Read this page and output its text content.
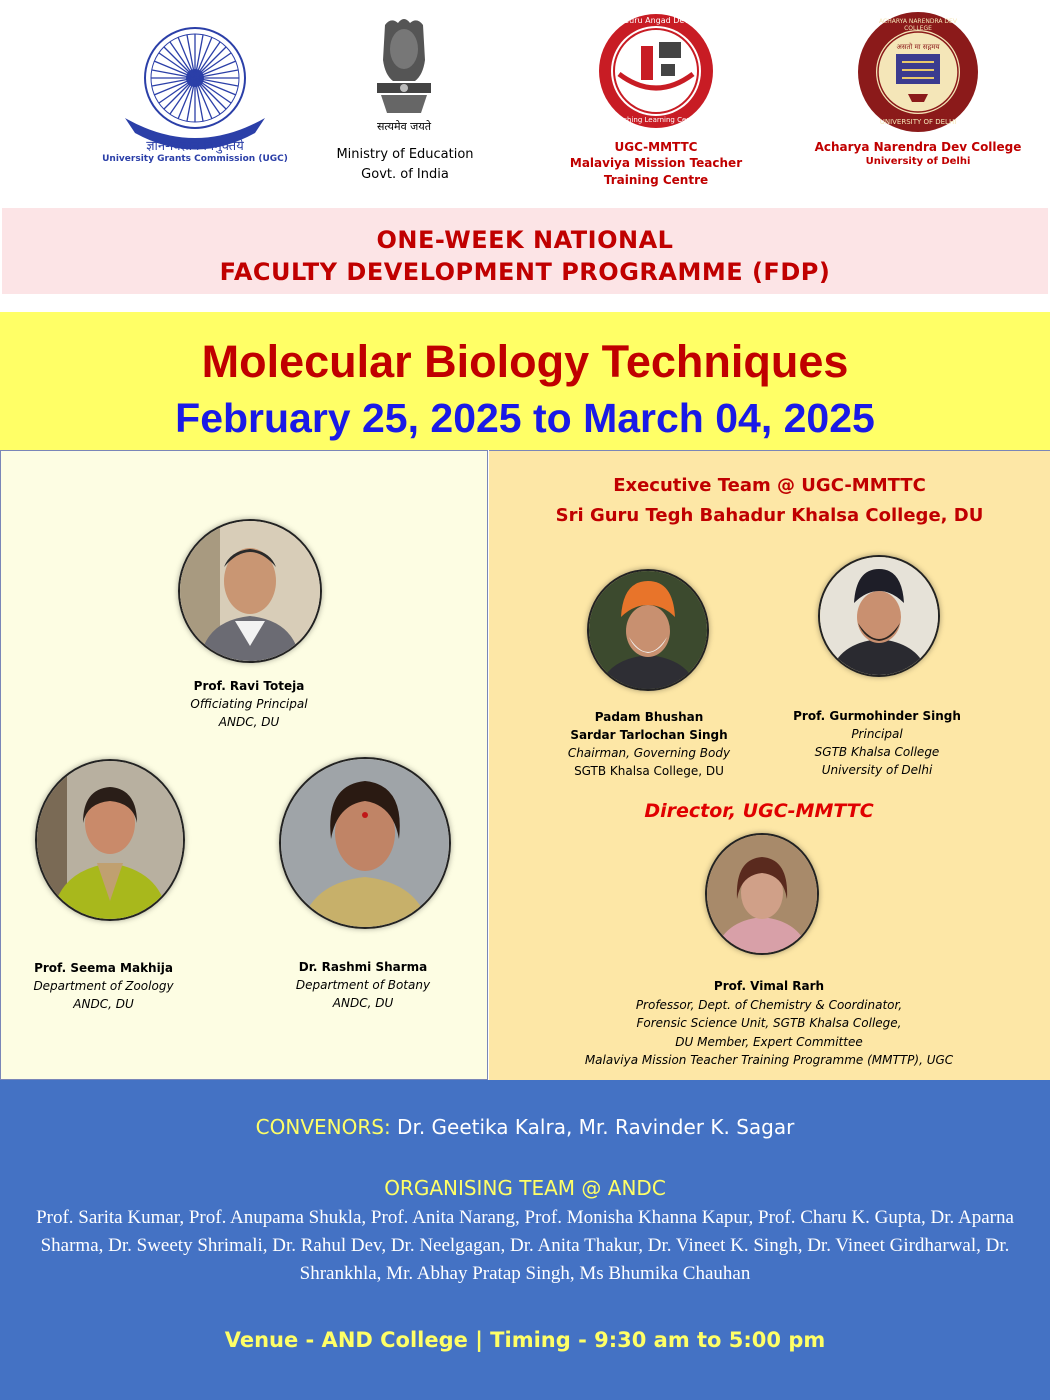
ज्ञान-विज्ञान विमुक्तये
University Grants Commission (UGC)
सत्यमेव जयते
Ministry of Education
Govt. of India
Guru Angad Dev
Teaching Learning Centre
UGC-MMTTC
Malaviya Mission Teacher
Training Centre
ACHARYA NARENDRA DEV COLLEGE
असतो मा सद्गमय
UNIVERSITY OF DELHI
Acharya Narendra Dev College
University of Delhi
ONE-WEEK NATIONAL
FACULTY DEVELOPMENT PROGRAMME (FDP)
Molecular Biology Techniques
February 25, 2025 to March 04, 2025
Prof. Ravi Toteja
Officiating Principal
ANDC, DU
Prof. Seema Makhija
Department of Zoology
ANDC, DU
Dr. Rashmi Sharma
Department of Botany
ANDC, DU
Executive Team @ UGC-MMTTC
Sri Guru Tegh Bahadur Khalsa College, DU
Padam Bhushan
Sardar Tarlochan Singh
Chairman, Governing Body
SGTB Khalsa College, DU
Prof. Gurmohinder Singh
Principal
SGTB Khalsa College
University of Delhi
Director, UGC-MMTTC
Prof. Vimal Rarh
Professor, Dept. of Chemistry & Coordinator,
Forensic Science Unit, SGTB Khalsa College,
DU Member, Expert Committee
Malaviya Mission Teacher Training Programme (MMTTP), UGC
CONVENORS: Dr. Geetika Kalra, Mr. Ravinder K. Sagar
ORGANISING TEAM @ ANDC
Prof. Sarita Kumar, Prof. Anupama Shukla, Prof. Anita Narang, Prof. Monisha Khanna Kapur, Prof. Charu K. Gupta, Dr. Aparna Sharma, Dr. Sweety Shrimali, Dr. Rahul Dev, Dr. Neelgagan, Dr. Anita Thakur, Dr. Vineet K. Singh, Dr. Vineet Girdharwal, Dr. Shrankhla, Mr. Abhay Pratap Singh, Ms Bhumika Chauhan
Venue - AND College | Timing - 9:30 am to 5:00 pm
